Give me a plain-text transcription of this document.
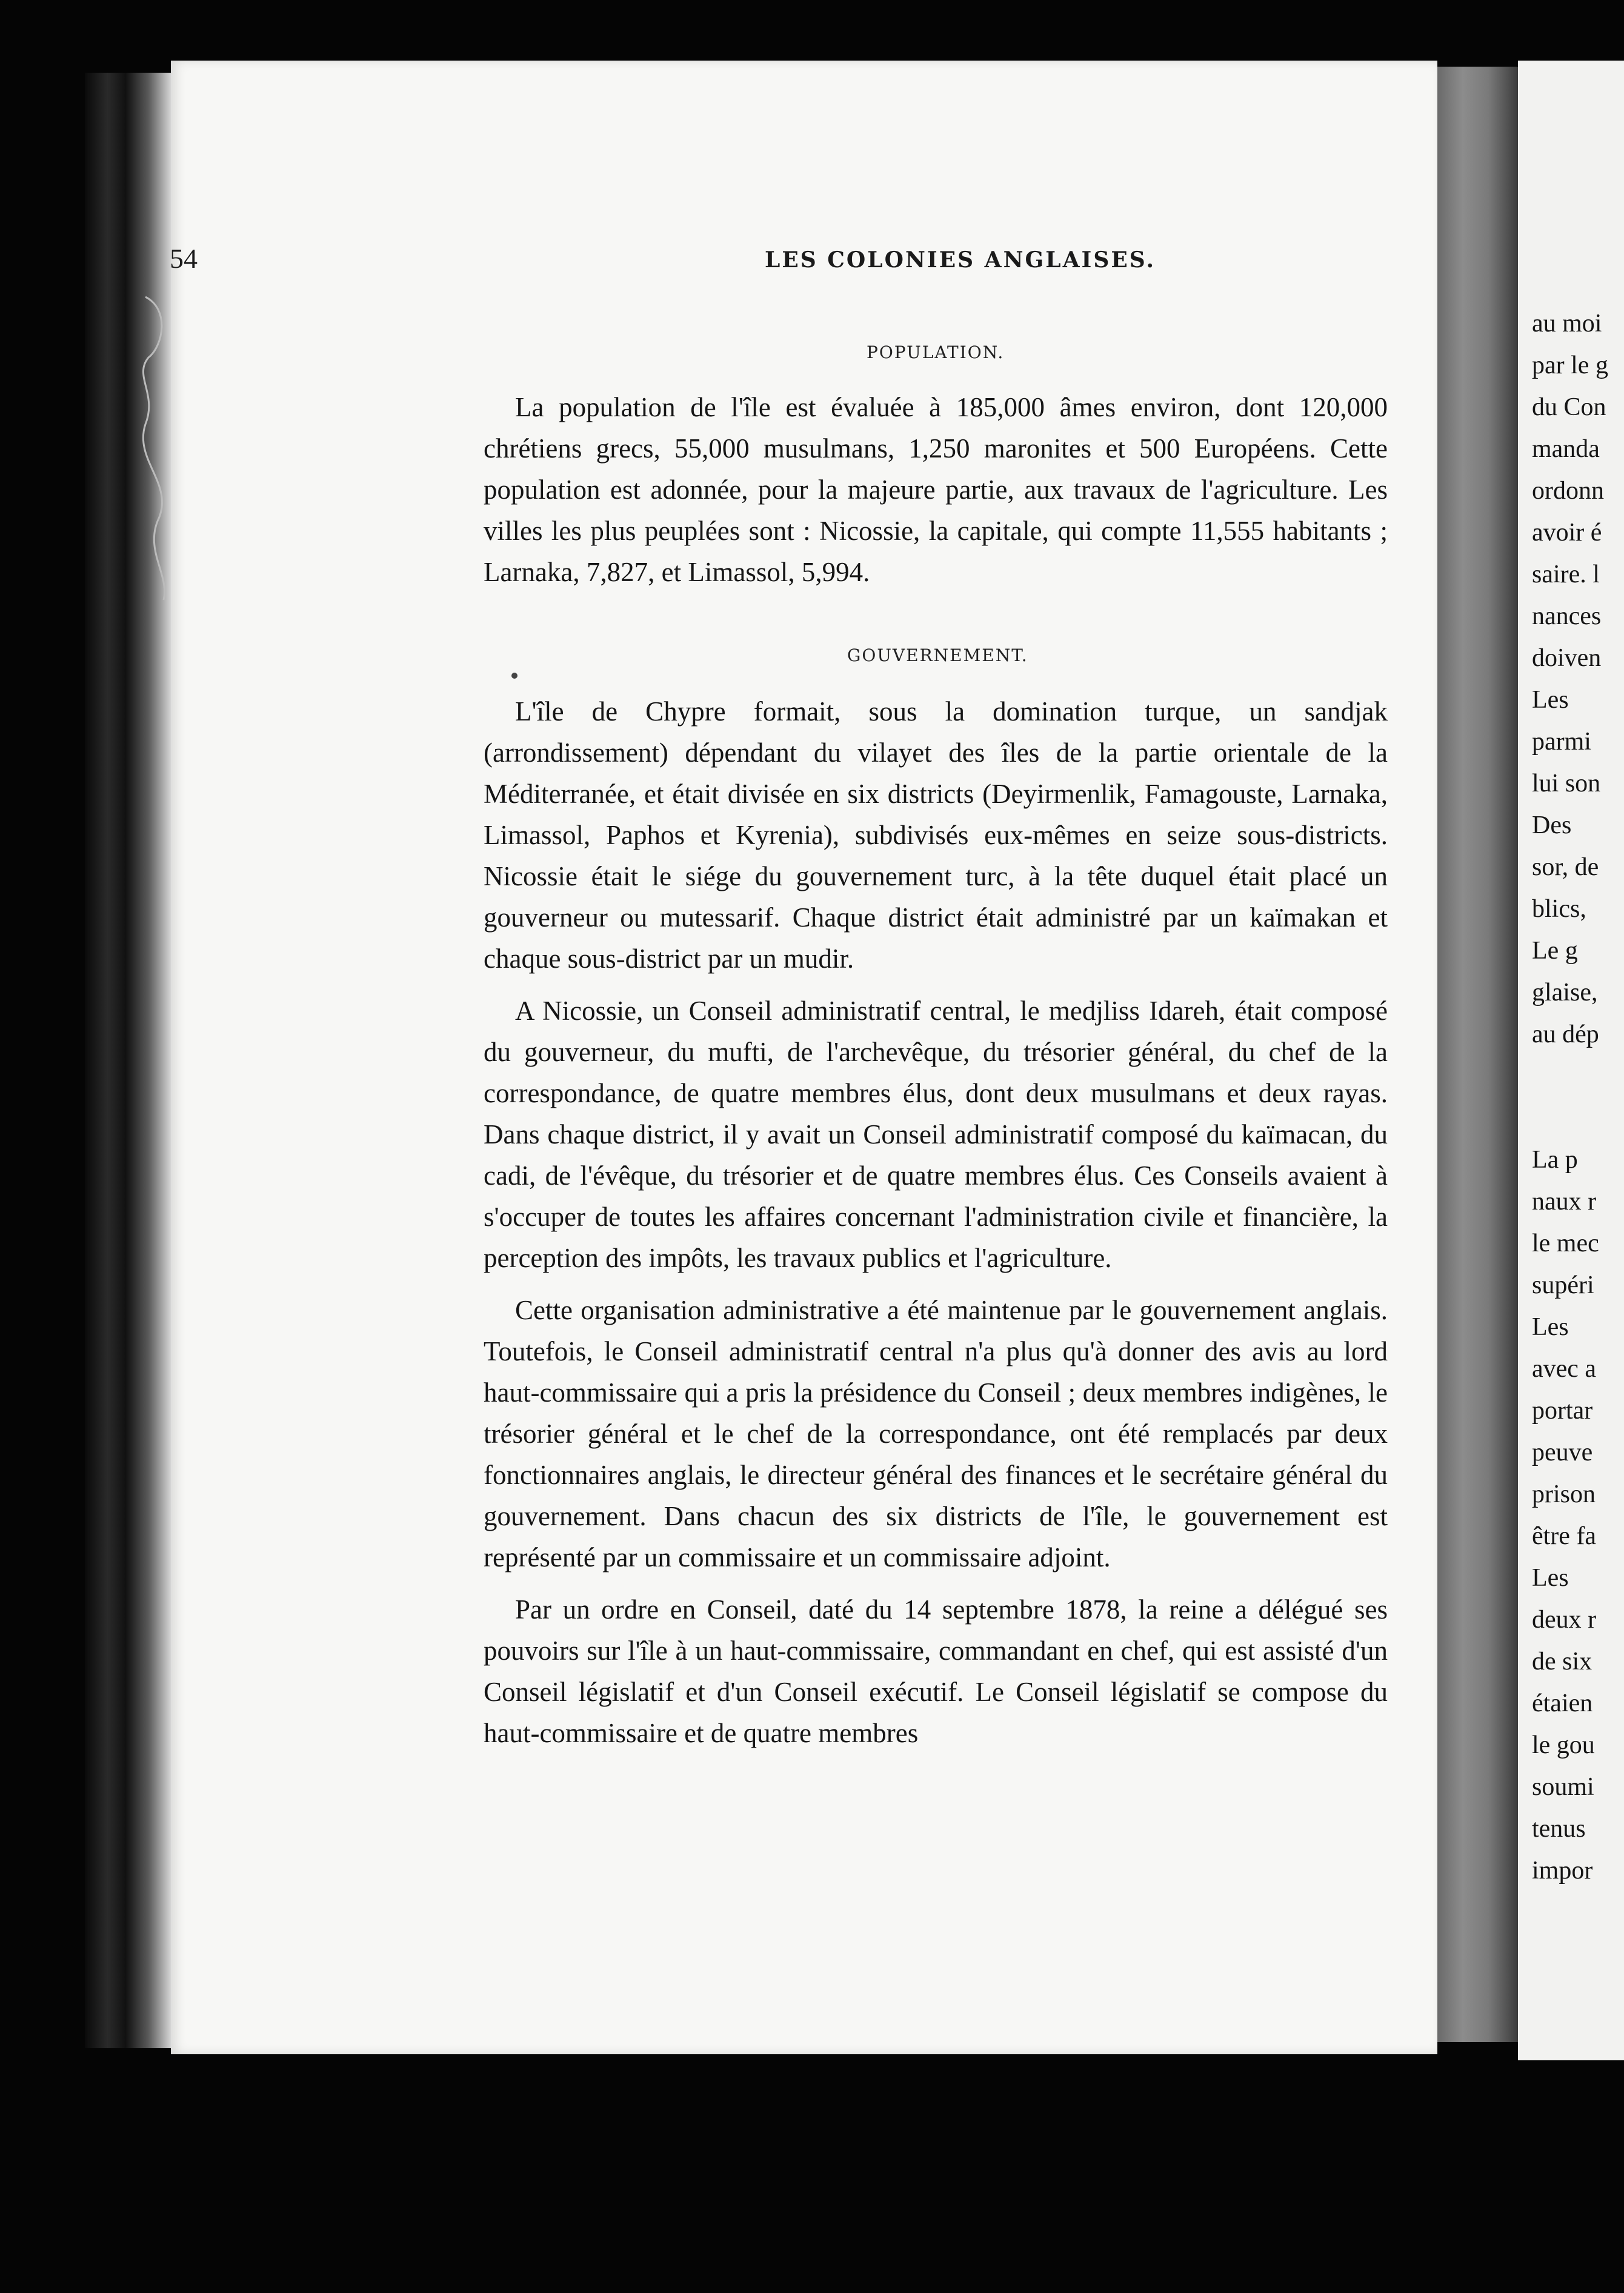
54	LES COLONIES ANGLAISES.
POPULATION.

La population de l'île est évaluée à 185,000 âmes environ, dont 120,000 chrétiens grecs, 55,000 musulmans, 1,250 maronites et 500 Européens. Cette population est adonnée, pour la majeure partie, aux travaux de l'agriculture. Les villes les plus peuplées sont : Nicossie, la capitale, qui compte 11,555 habitants ; Larnaka, 7,827, et Limassol, 5,994.

GOUVERNEMENT.

L'île de Chypre formait, sous la domination turque, un sandjak (arrondissement) dépendant du vilayet des îles de la partie orientale de la Méditerranée, et était divisée en six districts (Deyirmenlik, Famagouste, Larnaka, Limassol, Paphos et Kyrenia), subdivisés eux-mêmes en seize sous-districts. Nicossie était le siége du gouvernement turc, à la tête duquel était placé un gouverneur ou mutessarif. Chaque district était administré par un kaïmakan et chaque sous-district par un mudir.

A Nicossie, un Conseil administratif central, le medjliss Idareh, était composé du gouverneur, du mufti, de l'archevêque, du trésorier général, du chef de la correspondance, de quatre membres élus, dont deux musulmans et deux rayas. Dans chaque district, il y avait un Conseil administratif composé du kaïmacan, du cadi, de l'évêque, du trésorier et de quatre membres élus. Ces Conseils avaient à s'occuper de toutes les affaires concernant l'administration civile et financière, la perception des impôts, les travaux publics et l'agriculture.

Cette organisation administrative a été maintenue par le gouvernement anglais. Toutefois, le Conseil administratif central n'a plus qu'à donner des avis au lord haut-commissaire qui a pris la présidence du Conseil ; deux membres indigènes, le trésorier général et le chef de la correspondance, ont été remplacés par deux fonctionnaires anglais, le directeur général des finances et le secrétaire général du gouvernement. Dans chacun des six districts de l'île, le gouvernement est représenté par un commissaire et un commissaire adjoint.

Par un ordre en Conseil, daté du 14 septembre 1878, la reine a délégué ses pouvoirs sur l'île à un haut-commissaire, commandant en chef, qui est assisté d'un Conseil législatif et d'un Conseil exécutif. Le Conseil législatif se compose du haut-commissaire et de quatre membres

au moi
par le g
du Con
manda
ordonn
avoir é
saire. l
nances
doiven
Les
parmi
lui son
Des
sor, de
blics,
Le g
glaise,
au dép
La p
naux r
le mec
supéri
Les
avec a
portar
peuve
prison
être fa
Les
deux r
de six
étaien
le gou
soumi
tenus
impor
